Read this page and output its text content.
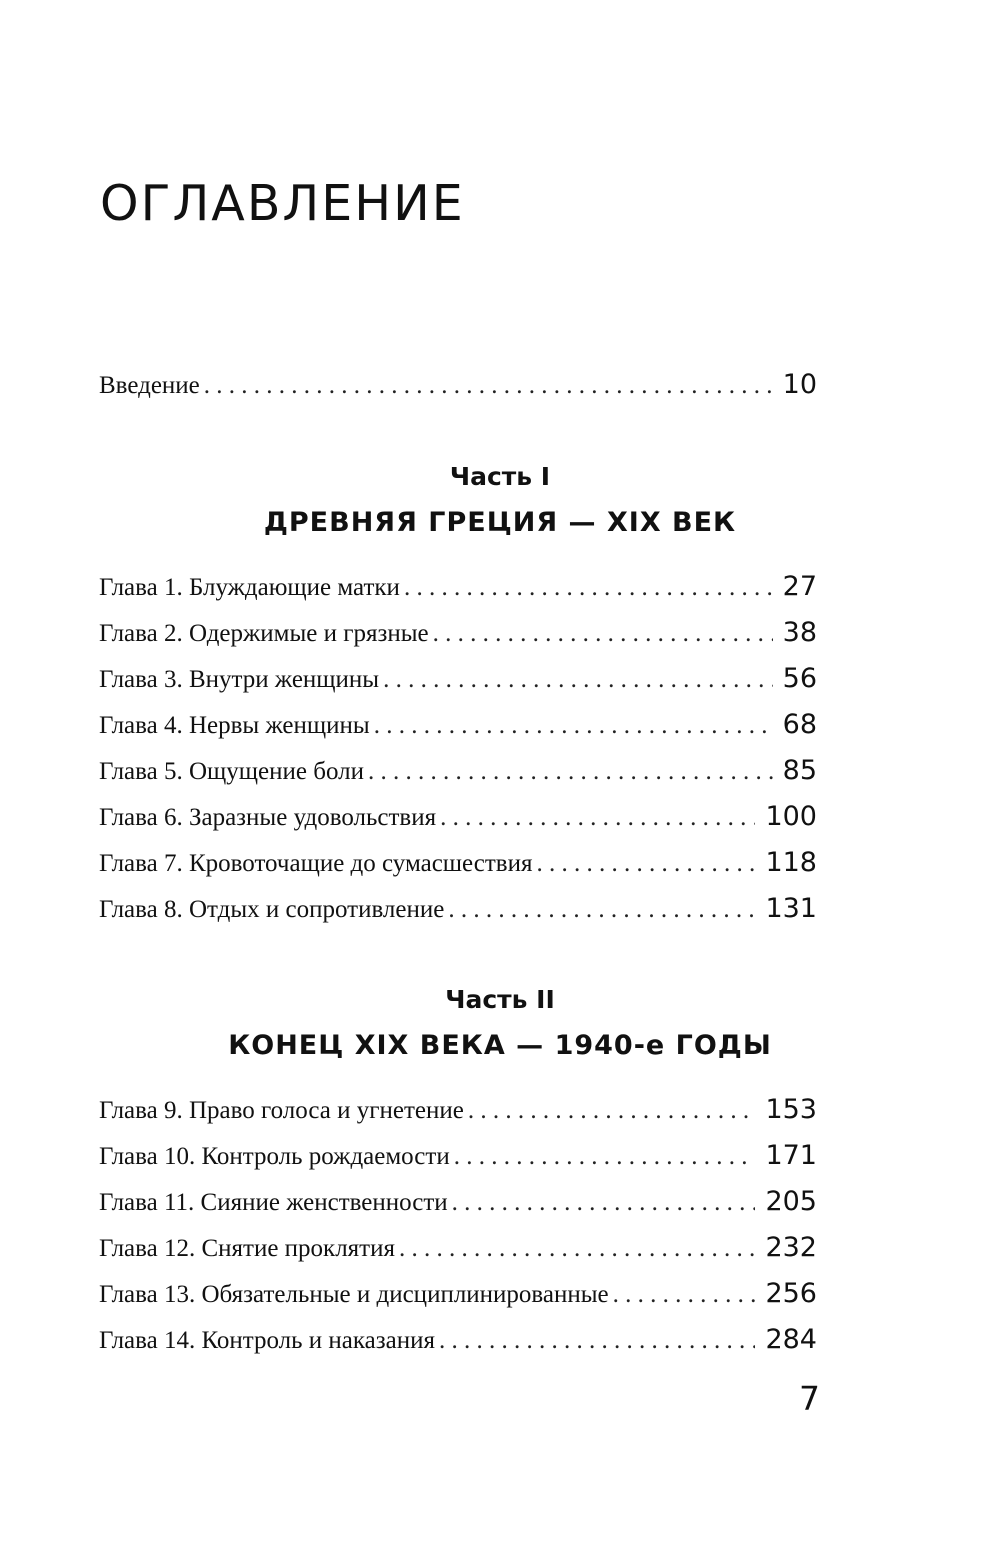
ОГЛАВЛЕНИЕ
Введение . . .	10
Часть I
ДРЕВНЯЯ ГРЕЦИЯ — XIX ВЕК
Глава 1. Блуждающие матки . . .	27
Глава 2. Одержимые и грязные . . .	38
Глава 3. Внутри женщины . . .	56
Глава 4. Нервы женщины . . .	68
Глава 5. Ощущение боли . . .	85
Глава 6. Заразные удовольствия . . .	100
Глава 7. Кровоточащие до сумасшествия . . .	118
Глава 8. Отдых и сопротивление . . .	131
Часть II
КОНЕЦ XIX ВЕКА — 1940-е ГОДЫ
Глава 9. Право голоса и угнетение . . .	153
Глава 10. Контроль рождаемости . . .	171
Глава 11. Сияние женственности . . .	205
Глава 12. Снятие проклятия . . .	232
Глава 13. Обязательные и дисциплинированные . . .	256
Глава 14. Контроль и наказания . . .	284
7
